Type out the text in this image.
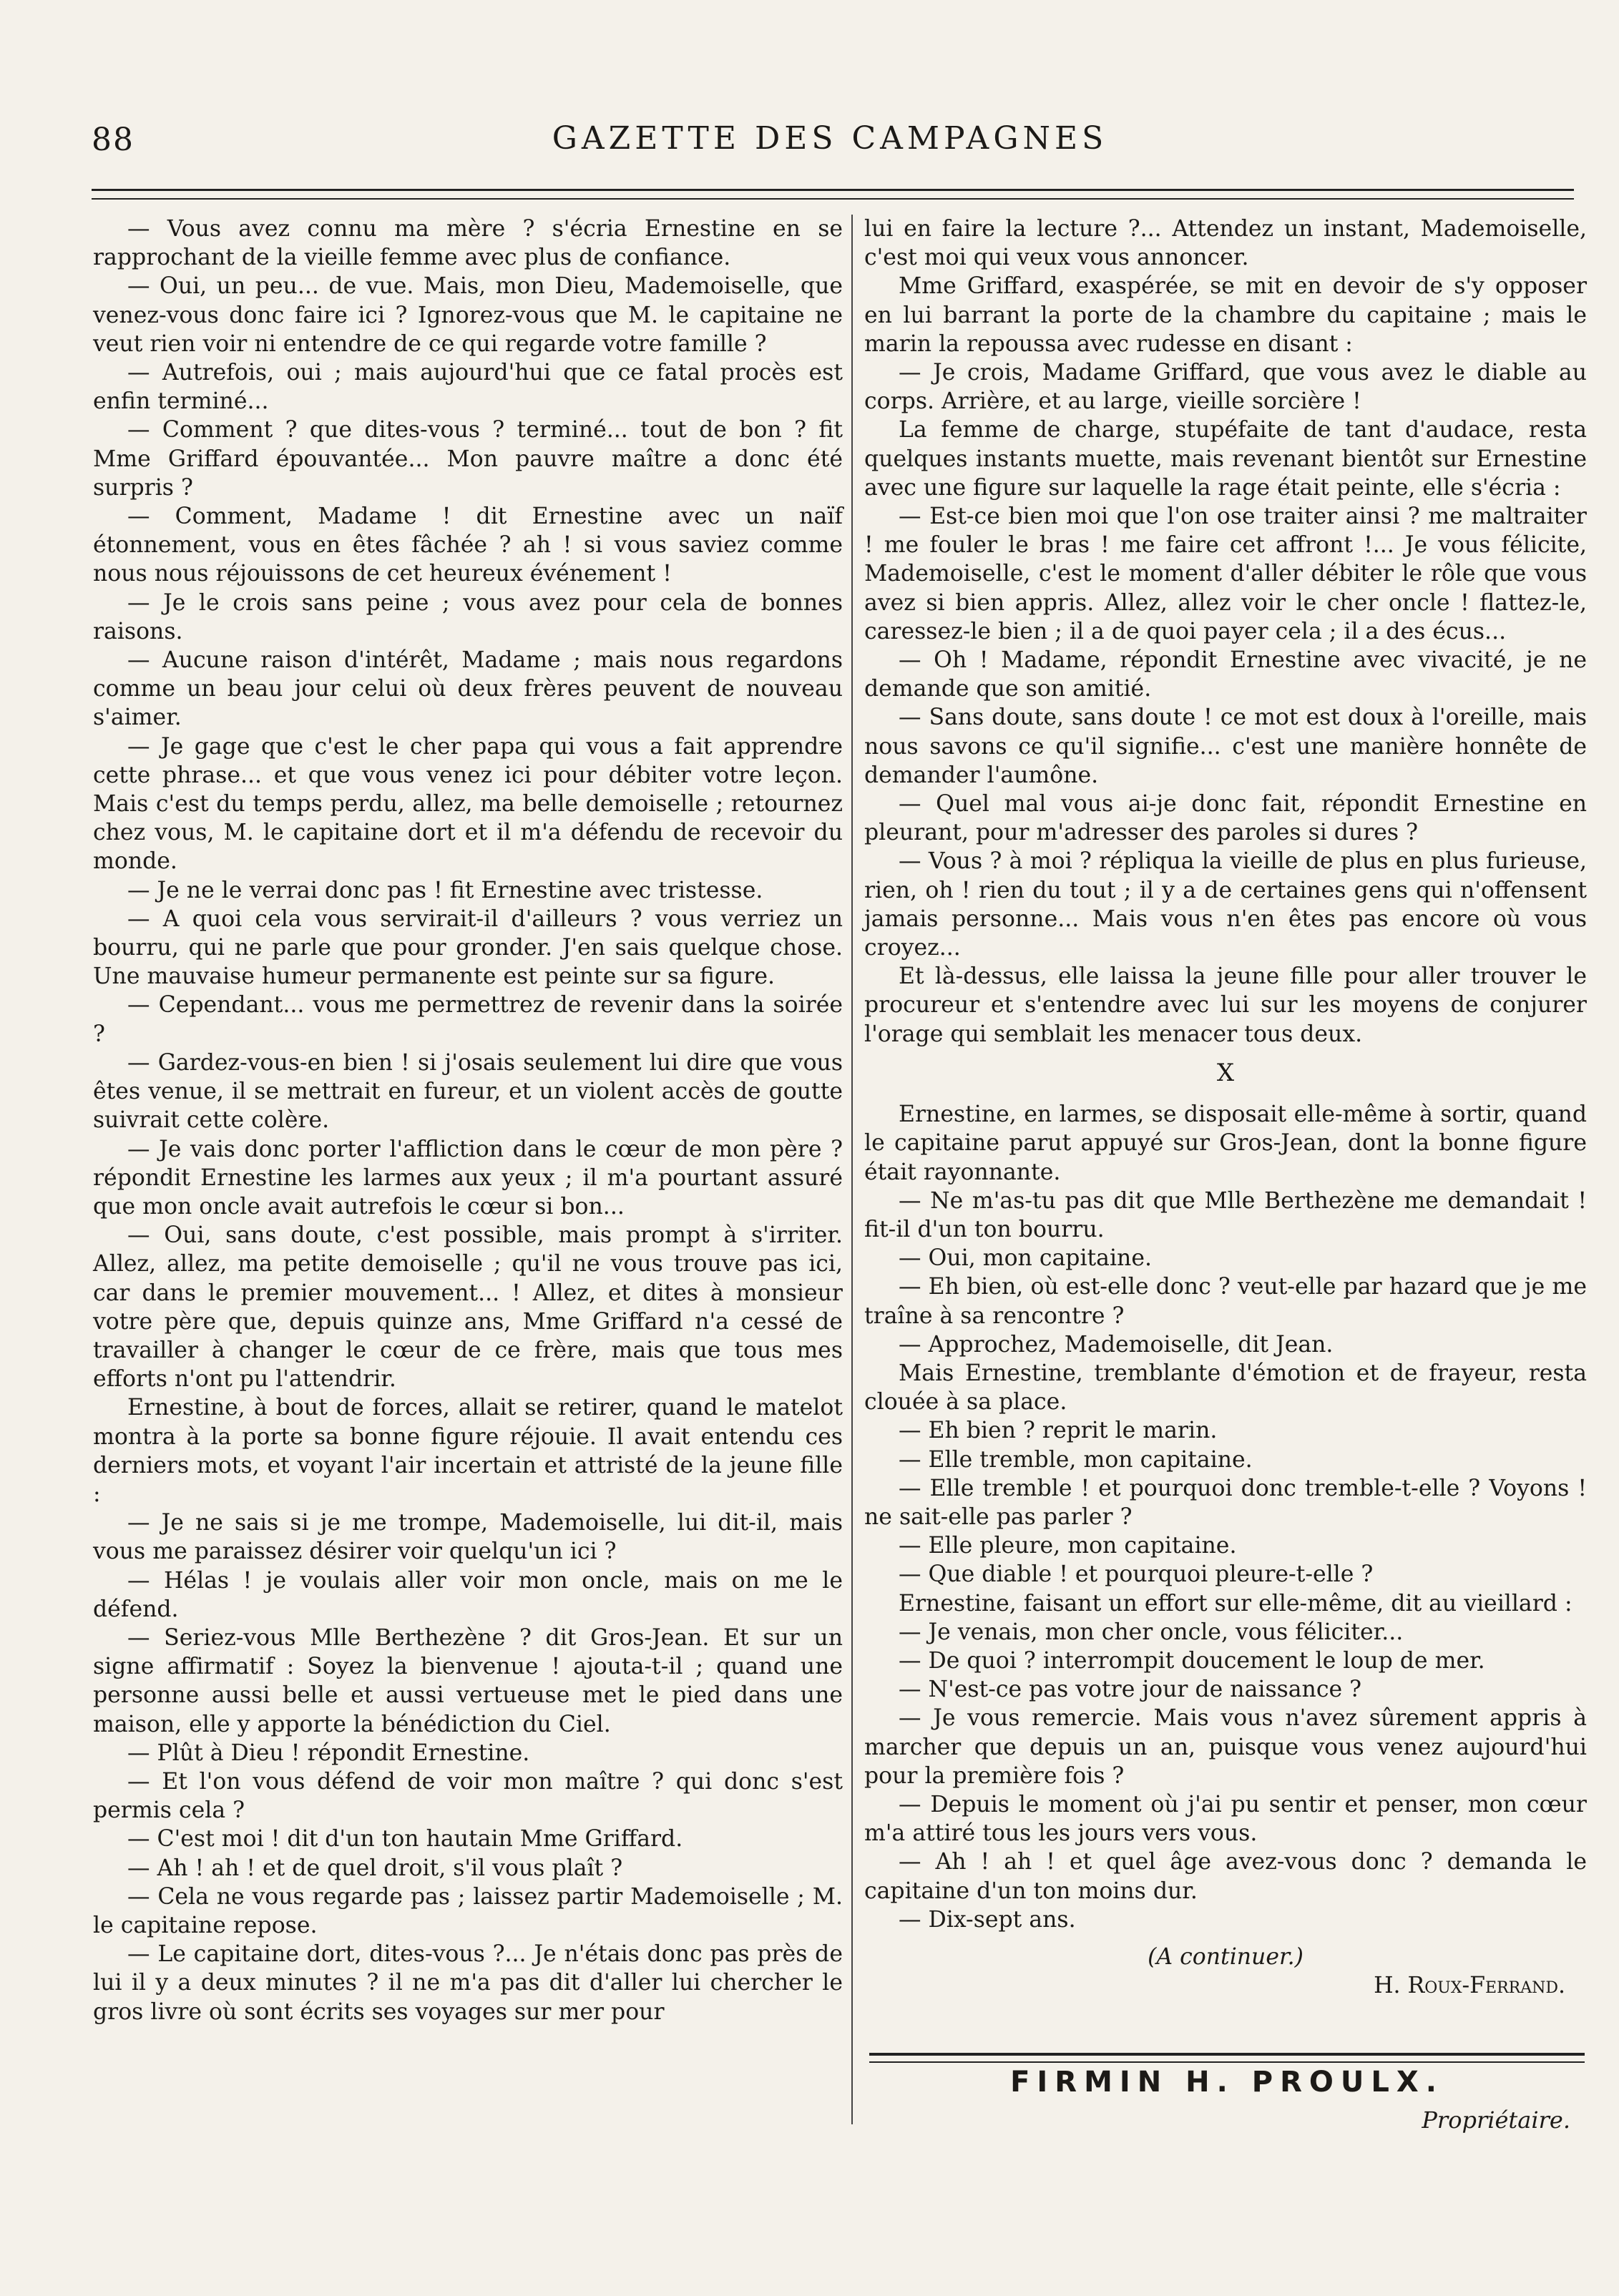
88	GAZETTE DES CAMPAGNES

— Vous avez connu ma mère ? s'écria Ernestine en se rapprochant de la vieille femme avec plus de confiance.

— Oui, un peu... de vue. Mais, mon Dieu, Mademoiselle, que venez-vous donc faire ici ? Ignorez-vous que M. le capitaine ne veut rien voir ni entendre de ce qui regarde votre famille ?

— Autrefois, oui ; mais aujourd'hui que ce fatal procès est enfin terminé...

— Comment ? que dites-vous ? terminé... tout de bon ? fit Mme Griffard épouvantée... Mon pauvre maître a donc été surpris ?

— Comment, Madame ! dit Ernestine avec un naïf étonnement, vous en êtes fâchée ? ah ! si vous saviez comme nous nous réjouissons de cet heureux événement !

— Je le crois sans peine ; vous avez pour cela de bonnes raisons.

— Aucune raison d'intérêt, Madame ; mais nous regardons comme un beau jour celui où deux frères peuvent de nouveau s'aimer.

— Je gage que c'est le cher papa qui vous a fait apprendre cette phrase... et que vous venez ici pour débiter votre leçon. Mais c'est du temps perdu, allez, ma belle demoiselle ; retournez chez vous, M. le capitaine dort et il m'a défendu de recevoir du monde.

— Je ne le verrai donc pas ! fit Ernestine avec tristesse.

— A quoi cela vous servirait-il d'ailleurs ? vous verriez un bourru, qui ne parle que pour gronder. J'en sais quelque chose. Une mauvaise humeur permanente est peinte sur sa figure.

— Cependant... vous me permettrez de revenir dans la soirée ?

— Gardez-vous-en bien ! si j'osais seulement lui dire que vous êtes venue, il se mettrait en fureur, et un violent accès de goutte suivrait cette colère.

— Je vais donc porter l'affliction dans le cœur de mon père ? répondit Ernestine les larmes aux yeux ; il m'a pourtant assuré que mon oncle avait autrefois le cœur si bon...

— Oui, sans doute, c'est possible, mais prompt à s'irriter. Allez, allez, ma petite demoiselle ; qu'il ne vous trouve pas ici, car dans le premier mouvement... ! Allez, et dites à monsieur votre père que, depuis quinze ans, Mme Griffard n'a cessé de travailler à changer le cœur de ce frère, mais que tous mes efforts n'ont pu l'attendrir.

Ernestine, à bout de forces, allait se retirer, quand le matelot montra à la porte sa bonne figure réjouie. Il avait entendu ces derniers mots, et voyant l'air incertain et attristé de la jeune fille :

— Je ne sais si je me trompe, Mademoiselle, lui dit-il, mais vous me paraissez désirer voir quelqu'un ici ?

— Hélas ! je voulais aller voir mon oncle, mais on me le défend.

— Seriez-vous Mlle Berthezène ? dit Gros-Jean. Et sur un signe affirmatif : Soyez la bienvenue ! ajouta-t-il ; quand une personne aussi belle et aussi vertueuse met le pied dans une maison, elle y apporte la bénédiction du Ciel.

— Plût à Dieu ! répondit Ernestine.

— Et l'on vous défend de voir mon maître ? qui donc s'est permis cela ?

— C'est moi ! dit d'un ton hautain Mme Griffard.

— Ah ! ah ! et de quel droit, s'il vous plaît ?

— Cela ne vous regarde pas ; laissez partir Mademoiselle ; M. le capitaine repose.

— Le capitaine dort, dites-vous ?... Je n'étais donc pas près de lui il y a deux minutes ? il ne m'a pas dit d'aller lui chercher le gros livre où sont écrits ses voyages sur mer pour

lui en faire la lecture ?... Attendez un instant, Mademoiselle, c'est moi qui veux vous annoncer.

Mme Griffard, exaspérée, se mit en devoir de s'y opposer en lui barrant la porte de la chambre du capitaine ; mais le marin la repoussa avec rudesse en disant :

— Je crois, Madame Griffard, que vous avez le diable au corps. Arrière, et au large, vieille sorcière !

La femme de charge, stupéfaite de tant d'audace, resta quelques instants muette, mais revenant bientôt sur Ernestine avec une figure sur laquelle la rage était peinte, elle s'écria :

— Est-ce bien moi que l'on ose traiter ainsi ? me maltraiter ! me fouler le bras ! me faire cet affront !... Je vous félicite, Mademoiselle, c'est le moment d'aller débiter le rôle que vous avez si bien appris. Allez, allez voir le cher oncle ! flattez-le, caressez-le bien ; il a de quoi payer cela ; il a des écus...

— Oh ! Madame, répondit Ernestine avec vivacité, je ne demande que son amitié.

— Sans doute, sans doute ! ce mot est doux à l'oreille, mais nous savons ce qu'il signifie... c'est une manière honnête de demander l'aumône.

— Quel mal vous ai-je donc fait, répondit Ernestine en pleurant, pour m'adresser des paroles si dures ?

— Vous ? à moi ? répliqua la vieille de plus en plus furieuse, rien, oh ! rien du tout ; il y a de certaines gens qui n'offensent jamais personne... Mais vous n'en êtes pas encore où vous croyez...

Et là-dessus, elle laissa la jeune fille pour aller trouver le procureur et s'entendre avec lui sur les moyens de conjurer l'orage qui semblait les menacer tous deux.

X

Ernestine, en larmes, se disposait elle-même à sortir, quand le capitaine parut appuyé sur Gros-Jean, dont la bonne figure était rayonnante.

— Ne m'as-tu pas dit que Mlle Berthezène me demandait ! fit-il d'un ton bourru.

— Oui, mon capitaine.

— Eh bien, où est-elle donc ? veut-elle par hazard que je me traîne à sa rencontre ?

— Approchez, Mademoiselle, dit Jean.

Mais Ernestine, tremblante d'émotion et de frayeur, resta clouée à sa place.

— Eh bien ? reprit le marin.

— Elle tremble, mon capitaine.

— Elle tremble ! et pourquoi donc tremble-t-elle ? Voyons ! ne sait-elle pas parler ?

— Elle pleure, mon capitaine.

— Que diable ! et pourquoi pleure-t-elle ?

Ernestine, faisant un effort sur elle-même, dit au vieillard :

— Je venais, mon cher oncle, vous féliciter...

— De quoi ? interrompit doucement le loup de mer.

— N'est-ce pas votre jour de naissance ?

— Je vous remercie. Mais vous n'avez sûrement appris à marcher que depuis un an, puisque vous venez aujourd'hui pour la première fois ?

— Depuis le moment où j'ai pu sentir et penser, mon cœur m'a attiré tous les jours vers vous.

— Ah ! ah ! et quel âge avez-vous donc ? demanda le capitaine d'un ton moins dur.

— Dix-sept ans.

(A continuer.)

H. Roux-Ferrand.

FIRMIN H. PROULX.
Propriétaire.
